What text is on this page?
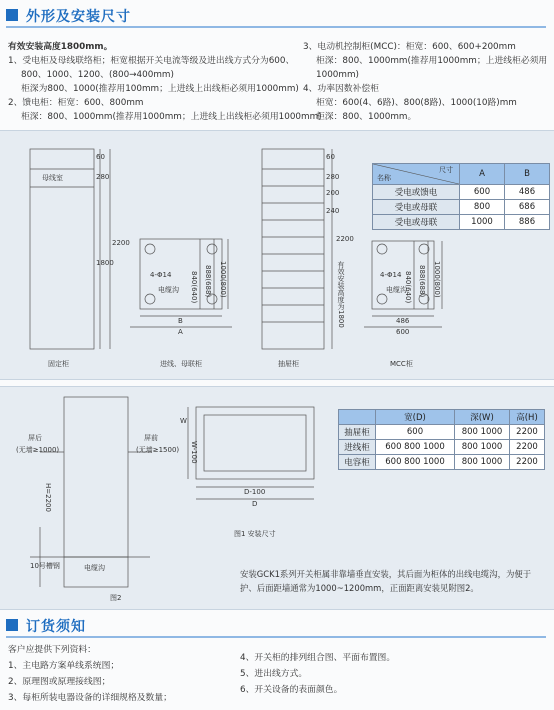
外形及安装尺寸
有效安装高度1800mm。
1、受电柜及母线联络柜；柜宽根据开关电流等级及进出线方式分为600、
800、1000、1200、(800→400mm)
柜深为800、1000(推荐用100mm；上进线上出线柜必须用1000mm)
2、馈电柜：柜宽：600、800mm
柜深：800、1000mm(推荐用1000mm；上进线上出线柜必须用1000mm)
3、电动机控制柜(MCC)：柜宽：600、600+200mm
柜深：800、1000mm(推荐用1000mm；上进线柜必须用
1000mm)
4、功率因数补偿柜
柜宽：600(4、6路)、800(8路)、1000(10路)mm
柜深：800、1000mm。
母线室
60
280
1800
2200
4-Φ14
电缆沟 840(640) 888(688) 1000(800)
B
A
60
280
200
240
2200
有效安装高度为1800	4-Φ14
电缆沟
840(640) 888(688) 1000(800)
486
600
固定柜	进线、母联柜	抽屉柜	MCC柜
尺寸
名称	A	B
受电或馈电	600	486
受电或母联	800	686
受电或母联	1000	886
屏后
(无墙≥1000)
屏前
(无墙≥1500)
H=2200
10号槽钢	电缆沟
图2
W
W-100
D-100
D
图1 安装尺寸
	宽(D)	深(W)	高(H)
抽屉柜	600	800 1000	2200
进线柜	600 800 1000	800 1000	2200
电容柜	600 800 1000	800 1000	2200
安装GCK1系列开关柜属非靠墙垂直安装，其后面为柜体的出线电缆沟，为便于
护、后面距墙通常为1000~1200mm，正面距离安装见附图2。
订货须知
客户应提供下列资料：
1、主电路方案单线系统图；
2、原理图或原理接线图；
3、每柜所装电器设备的详细规格及数量；
4、开关柜的排列组合图、平面布置图。
5、进出线方式。
6、开关设备的表面颜色。
